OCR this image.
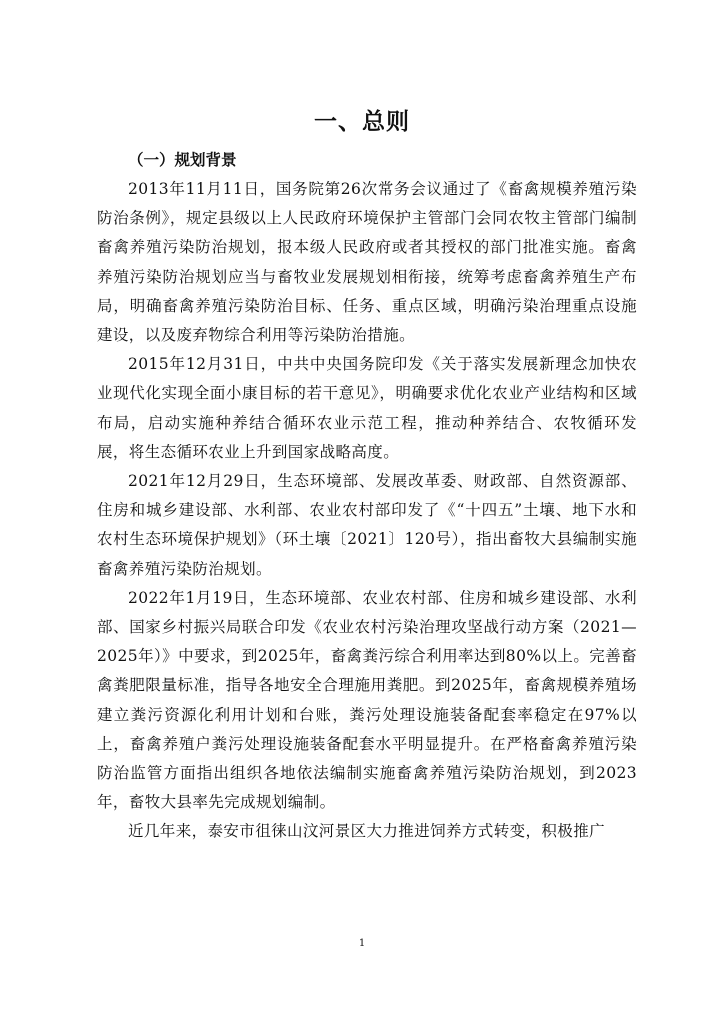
一、总则
（一）规划背景

2013年11月11日，国务院第26次常务会议通过了《畜禽规模养殖污染防治条例》，规定县级以上人民政府环境保护主管部门会同农牧主管部门编制畜禽养殖污染防治规划，报本级人民政府或者其授权的部门批准实施。畜禽养殖污染防治规划应当与畜牧业发展规划相衔接，统筹考虑畜禽养殖生产布局，明确畜禽养殖污染防治目标、任务、重点区域，明确污染治理重点设施建设，以及废弃物综合利用等污染防治措施。

2015年12月31日，中共中央国务院印发《关于落实发展新理念加快农业现代化实现全面小康目标的若干意见》，明确要求优化农业产业结构和区域布局，启动实施种养结合循环农业示范工程，推动种养结合、农牧循环发展，将生态循环农业上升到国家战略高度。

2021年12月29日，生态环境部、发展改革委、财政部、自然资源部、住房和城乡建设部、水利部、农业农村部印发了《“十四五”土壤、地下水和农村生态环境保护规划》（环土壤〔2021〕120号），指出畜牧大县编制实施畜禽养殖污染防治规划。

2022年1月19日，生态环境部、农业农村部、住房和城乡建设部、水利部、国家乡村振兴局联合印发《农业农村污染治理攻坚战行动方案（2021—2025年）》中要求，到2025年，畜禽粪污综合利用率达到80%以上。完善畜禽粪肥限量标准，指导各地安全合理施用粪肥。到2025年，畜禽规模养殖场建立粪污资源化利用计划和台账，粪污处理设施装备配套率稳定在97%以上，畜禽养殖户粪污处理设施装备配套水平明显提升。在严格畜禽养殖污染防治监管方面指出组织各地依法编制实施畜禽养殖污染防治规划，到2023年，畜牧大县率先完成规划编制。

近几年来，泰安市徂徕山汶河景区大力推进饲养方式转变，积极推广

1
